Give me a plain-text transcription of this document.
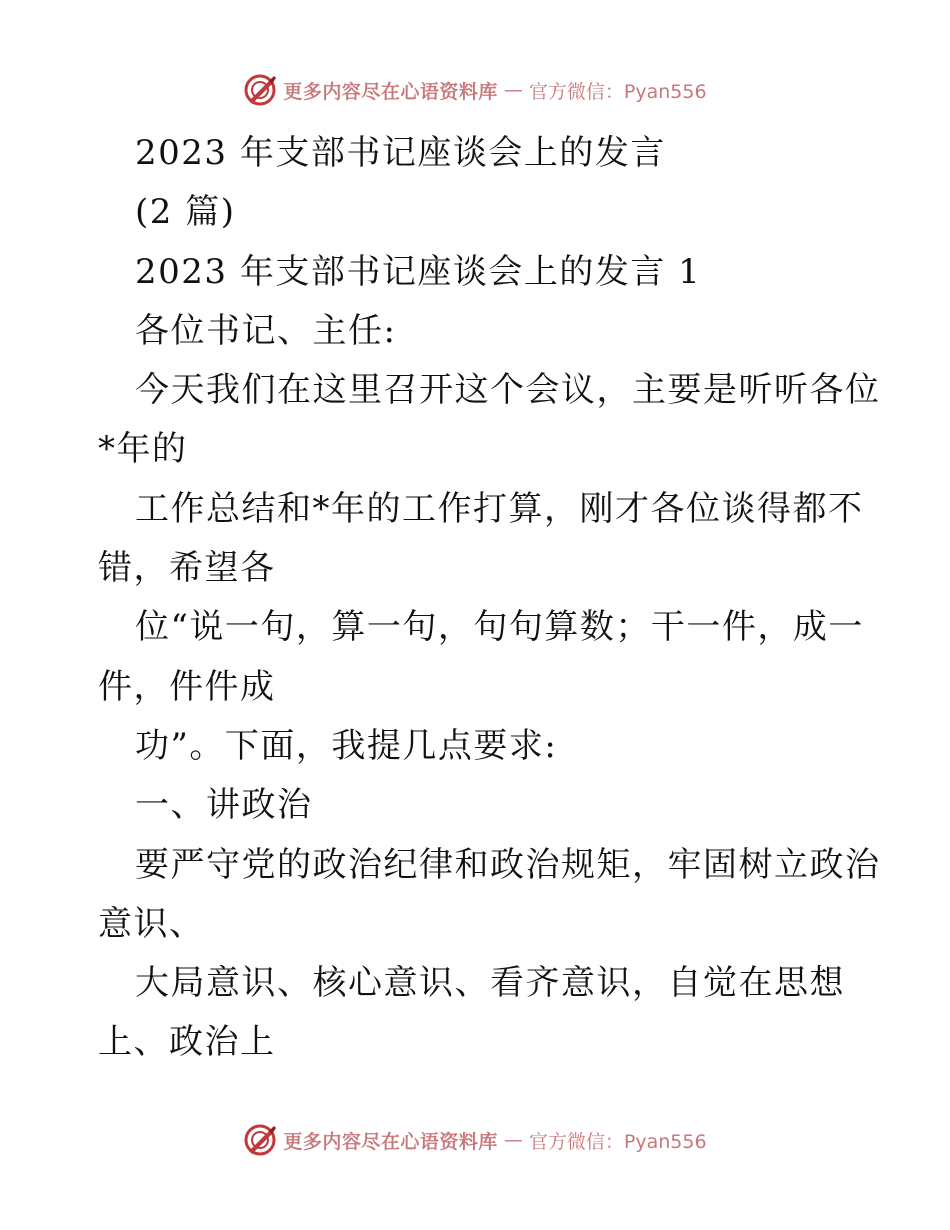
更多内容尽在心语资料库 — 官方微信：Pyan556
2023 年支部书记座谈会上的发言
(2 篇)
2023 年支部书记座谈会上的发言 1
各位书记、主任:
今天我们在这里召开这个会议，主要是听听各位
*年的
工作总结和*年的工作打算，刚才各位谈得都不
错，希望各
位“说一句，算一句，句句算数；干一件，成一
件，件件成
功”。下面，我提几点要求:
一、讲政治
要严守党的政治纪律和政治规矩，牢固树立政治
意识、
大局意识、核心意识、看齐意识，自觉在思想
上、政治上
更多内容尽在心语资料库 — 官方微信：Pyan556
